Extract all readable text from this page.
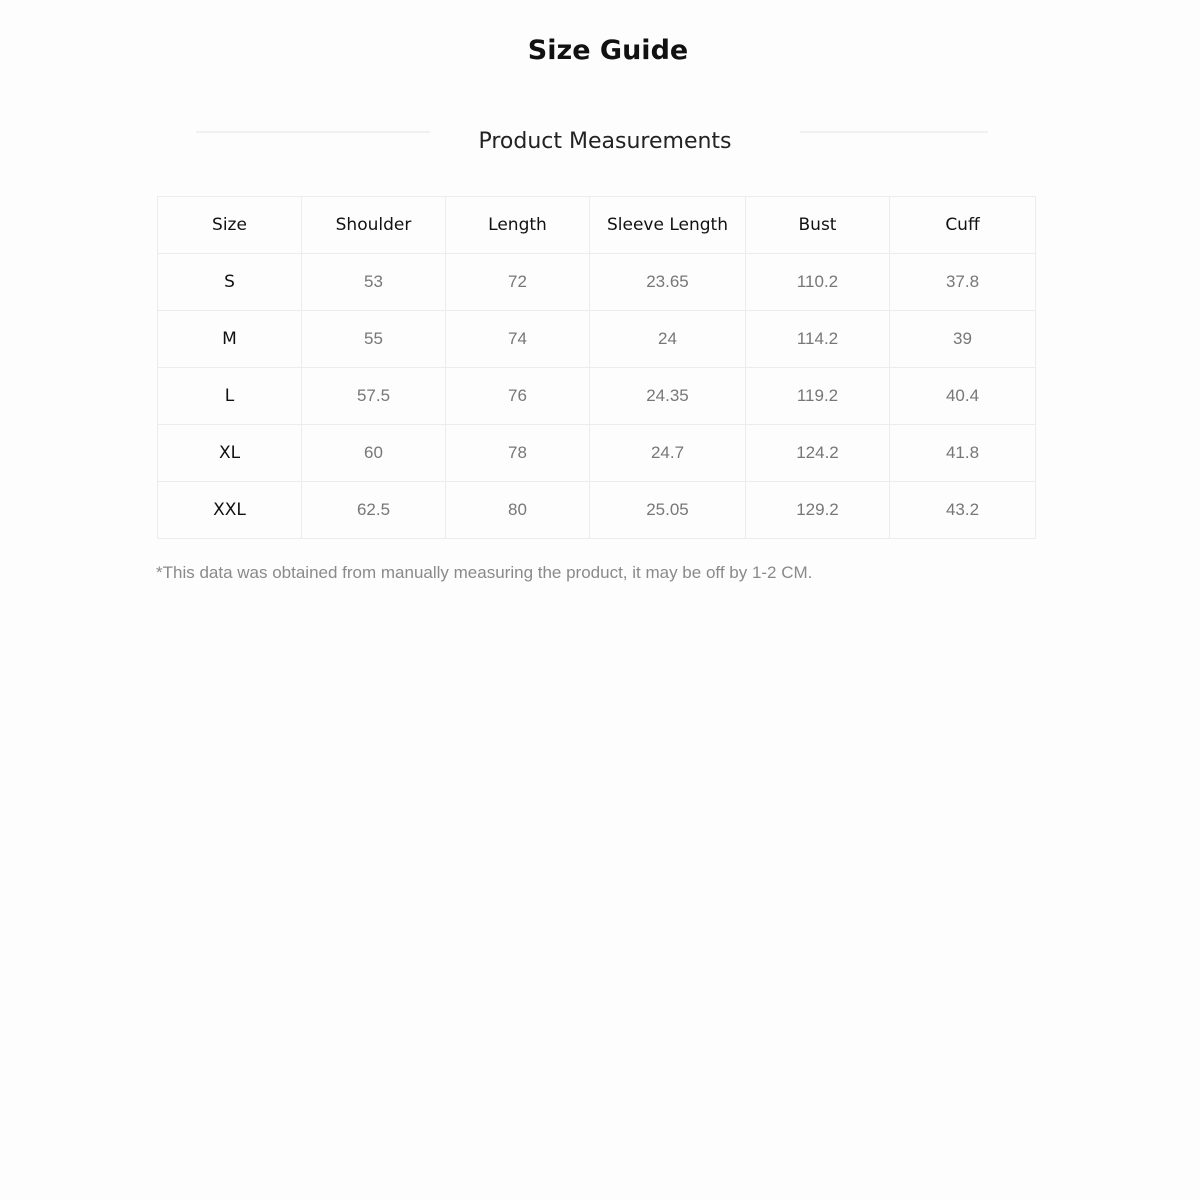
Size Guide
Product Measurements
Size	Shoulder	Length	Sleeve Length	Bust	Cuff
S	53	72	23.65	110.2	37.8
M	55	74	24	114.2	39
L	57.5	76	24.35	119.2	40.4
XL	60	78	24.7	124.2	41.8
XXL	62.5	80	25.05	129.2	43.2

*This data was obtained from manually measuring the product, it may be off by 1-2 CM.
